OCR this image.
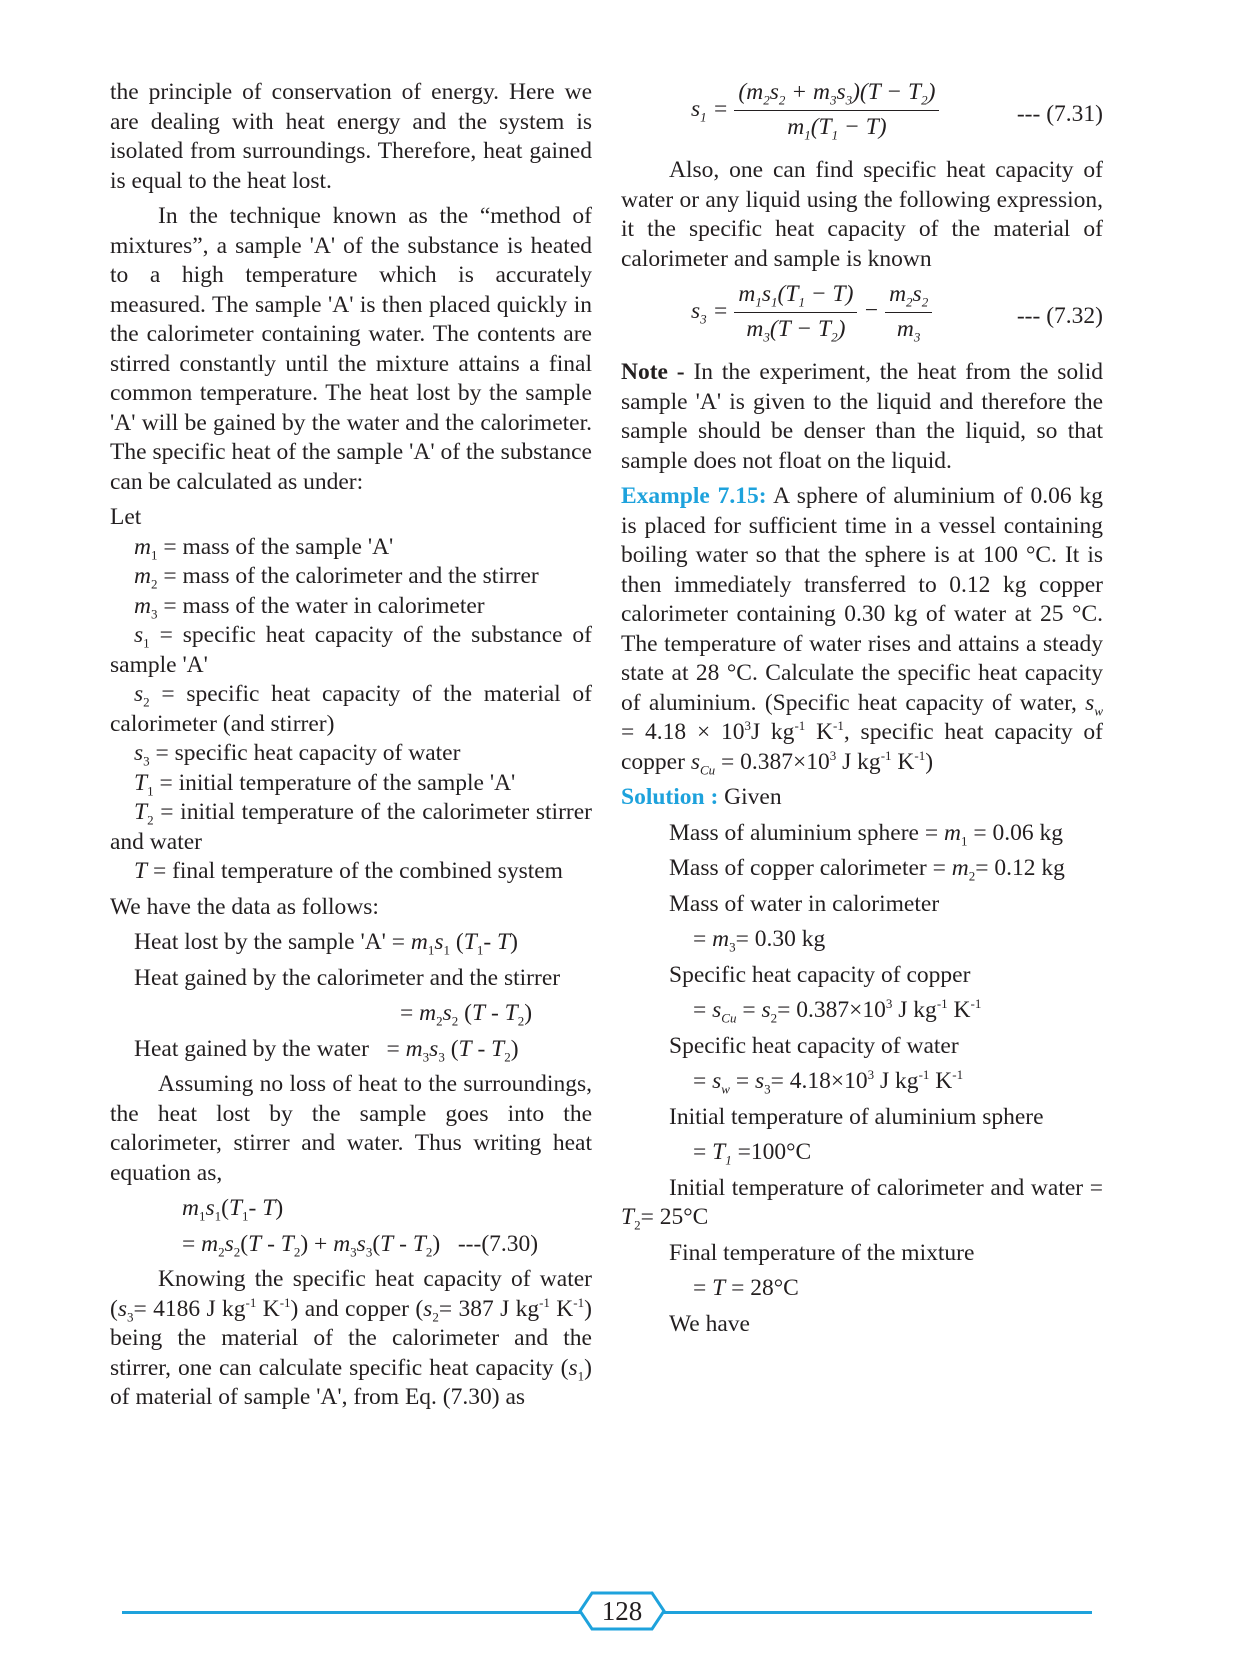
the principle of conservation of energy. Here we are dealing with heat energy and the system is isolated from surroundings. Therefore, heat gained is equal to the heat lost.

In the technique known as the “method of mixtures”, a sample 'A' of the substance is heated to a high temperature which is accurately measured. The sample 'A' is then placed quickly in the calorimeter containing water. The contents are stirred constantly until the mixture attains a final common temperature. The heat lost by the sample 'A' will be gained by the water and the calorimeter. The specific heat of the sample 'A' of the substance can be calculated as under:

Let

$m_1$ = mass of the sample 'A'

$m_2$ = mass of the calorimeter and the stirrer

$m_3$ = mass of the water in calorimeter

$s_1$ = specific heat capacity of the substance of sample 'A'

$s_2$ = specific heat capacity of the material of calorimeter (and stirrer)

$s_3$ = specific heat capacity of water

$T_1$ = initial temperature of the sample 'A'

$T_2$ = initial temperature of the calorimeter stirrer and water

T = final temperature of the combined system

We have the data as follows:

Heat lost by the sample '$A' = m_1s_1$ ($T_1-$ T)

Heat gained by the calorimeter and the stirrer

= $m_2s_2$ $(T - T_2)$

Heat gained by the water   = $m_3s_3$ $(T - T_2)$

Assuming no loss of heat to the surroundings, the heat lost by the sample goes into the calorimeter, stirrer and water. Thus writing heat equation as,

$m_1s_1(T_1-$ T)

= $m_2s_2(T - T_2) + m_3s_3(T - T_2)$   ---(7.30)

Knowing the specific heat capacity of water ($s_3= 4186$ J $kg^{-1}$ $K^{-1}$) and copper ($s_2= 387$ J $kg^{-1}$ $K^{-1}$) being the material of the calorimeter and the stirrer, one can calculate specific heat capacity $(s_1)$ of material of sample 'A', from Eq. (7.30) as

$s_1 = \frac{(m_2s_2 + m_3s_3)(T - T_2)}{m_1(T_1 - T)}$	--- (7.31)

Also, one can find specific heat capacity of water or any liquid using the following expression, it the specific heat capacity of the material of calorimeter and sample is known

$s_3 = \frac{m_1s_1(T_1 - T)}{m_3(T - T_2)} - \frac{m_2s_2}{m_3}$	--- (7.32)

Note - In the experiment, the heat from the solid sample 'A' is given to the liquid and therefore the sample should be denser than the liquid, so that sample does not float on the liquid.

Example 7.15: A sphere of aluminium of 0.06 kg is placed for sufficient time in a vessel containing boiling water so that the sphere is at 100 °C. It is then immediately transferred to 0.12 kg copper calorimeter containing 0.30 kg of water at 25 °C. The temperature of water rises and attains a steady state at 28 °C. Calculate the specific heat capacity of aluminium. (Specific heat capacity of water, $s_w = 4.18 \times 10^3J$ $kg^{-1}$ $K^{-1}$, specific heat capacity of copper $s_{Cu} = 0.387\times 10^3$ J $kg^{-1}$ $K^{-1}$)

Solution : Given

Mass of aluminium sphere = $m_1 = 0.06$ kg

Mass of copper calorimeter = $m_2= 0.12$ kg

Mass of water in calorimeter

= $m_3= 0.30$ kg

Specific heat capacity of copper

= $s_{Cu} = s_2= 0.387\times 10^3$ J $kg^{-1}$ $K^{-1}$

Specific heat capacity of water

= $s_w = s_3= 4.18\times 10^3$ J $kg^{-1}$ $K^{-1}$

Initial temperature of aluminium sphere

= $T_1 =100^\circ C$

Initial temperature of calorimeter and water = $T_2= 25^\circ C$

Final temperature of the mixture

= T = 28°C

We have

128
